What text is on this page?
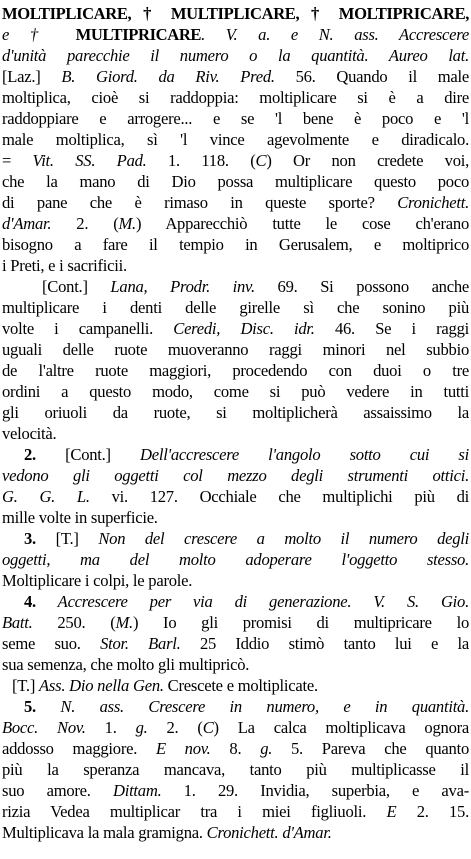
MOLTIPLICARE, † MULTIPLICARE, † MOLTIPRICARE,
e † MULTIPRICARE. V. a. e N. ass. Accrescere
d'unità parecchie il numero o la quantità. Aureo lat.
[Laz.] B. Giord. da Riv. Pred. 56. Quando il male
moltiplica, cioè si raddoppia: moltiplicare si è a dire
raddoppiare e arrogere... e se 'l bene è poco e 'l
male moltiplica, sì 'l vince agevolmente e diradicalo.
= Vit. SS. Pad. 1. 118. (C) Or non credete voi,
che la mano di Dio possa multiplicare questo poco
di pane che è rimaso in queste sporte? Cronichett.
d'Amar. 2. (M.) Apparecchiò tutte le cose ch'erano
bisogno a fare il tempio in Gerusalem, e moltiprico
i Preti, e i sacrificii.
[Cont.] Lana, Prodr. inv. 69. Si possono anche
multiplicare i denti delle girelle sì che sonino più
volte i campanelli. Ceredi, Disc. idr. 46. Se i raggi
uguali delle ruote muoveranno raggi minori nel subbio
de l'altre ruote maggiori, procedendo con duoi o tre
ordini a questo modo, come si può vedere in tutti
gli oriuoli da ruote, si moltiplicherà assaissimo la
velocità.
2. [Cont.] Dell'accrescere l'angolo sotto cui si
vedono gli oggetti col mezzo degli strumenti ottici.
G. G. L. vi. 127. Occhiale che multiplichi più di
mille volte in superficie.
3. [T.] Non del crescere a molto il numero degli
oggetti, ma del molto adoperare l'oggetto stesso.
Moltiplicare i colpi, le parole.
4. Accrescere per via di generazione. V. S. Gio.
Batt. 250. (M.) Io gli promisi di multipricare lo
seme suo. Stor. Barl. 25 Iddio stimò tanto lui e la
sua semenza, che molto gli multipricò.
[T.] Ass. Dio nella Gen. Crescete e moltiplicate.
5. N. ass. Crescere in numero, e in quantità.
Bocc. Nov. 1. g. 2. (C) La calca moltiplicava ognora
addosso maggiore. E nov. 8. g. 5. Pareva che quanto
più la speranza mancava, tanto più multiplicasse il
suo amore. Dittam. 1. 29. Invidia, superbia, e ava-
rizia Vedea multiplicar tra i miei figliuoli. E 2. 15.
Multiplicava la mala gramigna. Cronichett. d'Amar.
